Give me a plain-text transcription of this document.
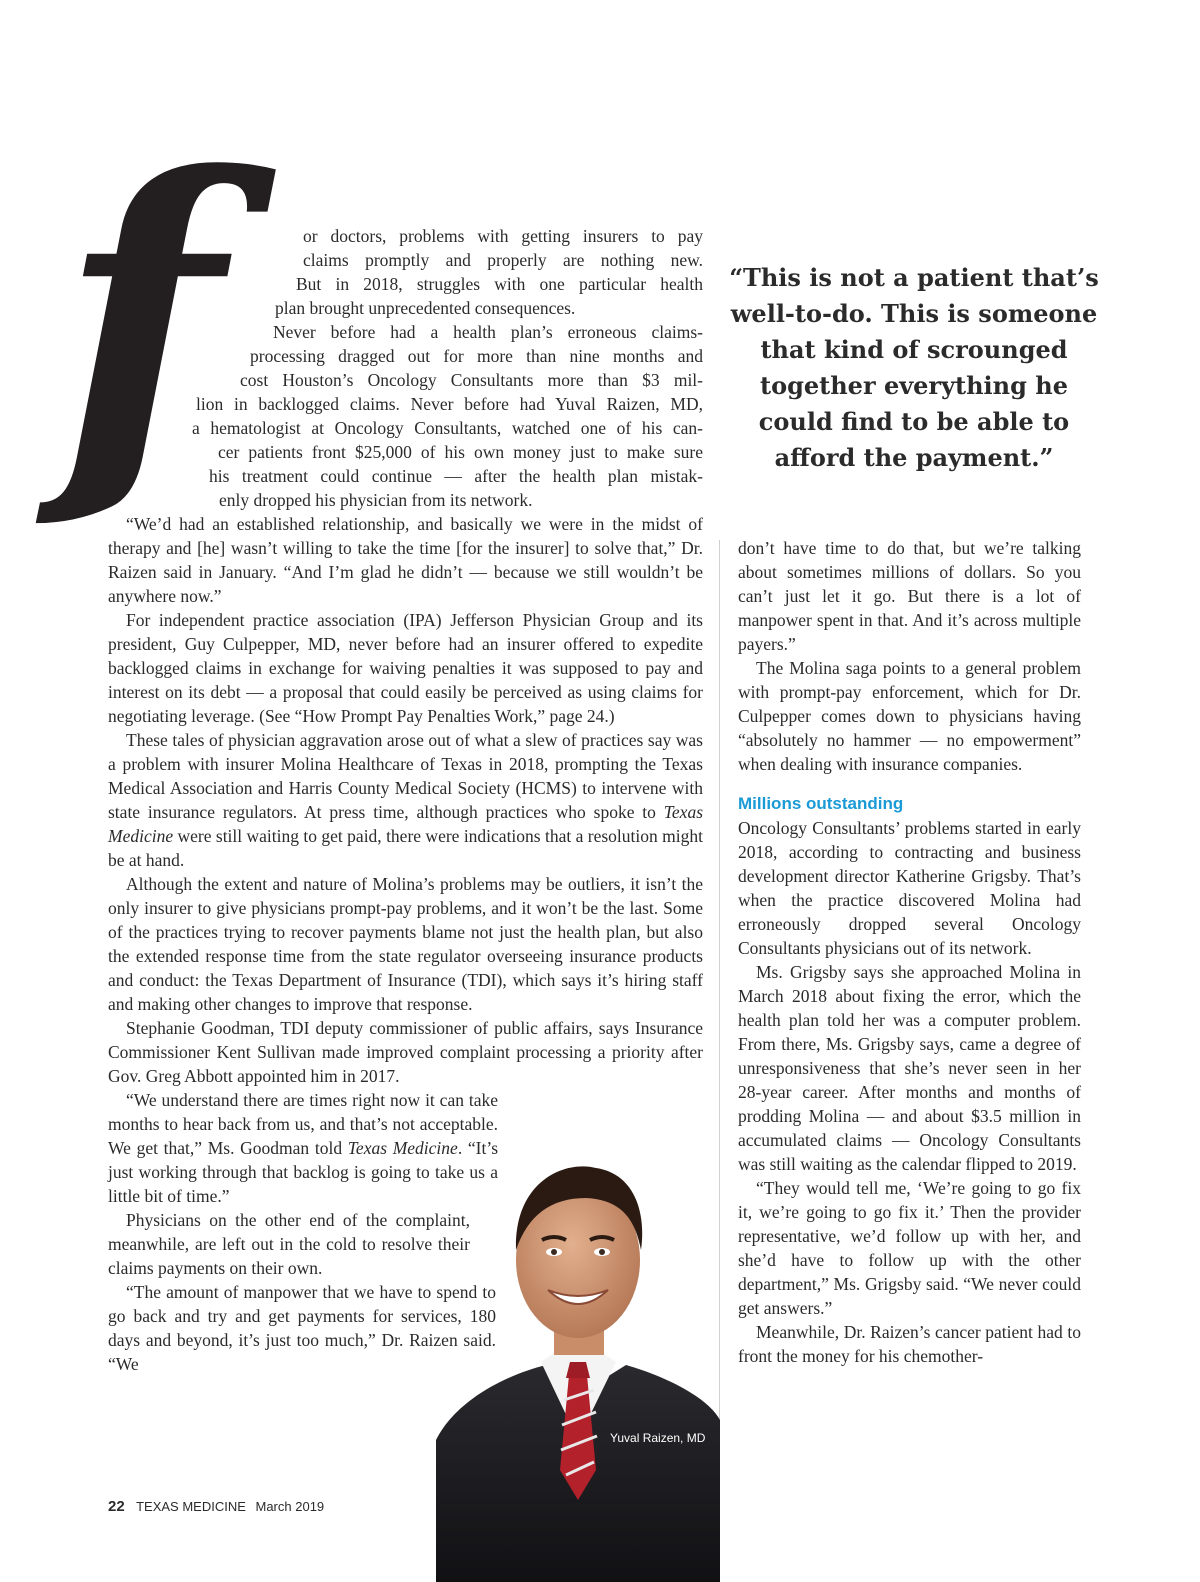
f	or doctors, problems with getting insurers to pay
claims promptly and properly are nothing new.
But in 2018, struggles with one particular health
plan brought unprecedented consequences.
Never before had a health plan’s erroneous claims-
processing dragged out for more than nine months and
cost Houston’s Oncology Consultants more than $3 mil-
lion in backlogged claims. Never before had Yuval Raizen, MD,
a hematologist at Oncology Consultants, watched one of his can-
cer patients front $25,000 of his own money just to make sure
his treatment could continue — after the health plan mistak-
enly dropped his physician from its network.

“We’d had an established relationship, and basically we were in the midst of therapy and [he] wasn’t willing to take the time [for the insurer] to solve that,” Dr. Raizen said in January. “And I’m glad he didn’t — because we still wouldn’t be anywhere now.”

For independent practice association (IPA) Jefferson Physician Group and its president, Guy Culpepper, MD, never before had an insurer offered to expedite backlogged claims in exchange for waiving penalties it was supposed to pay and interest on its debt — a proposal that could easily be perceived as using claims for negotiating leverage. (See “How Prompt Pay Penalties Work,” page 24.)

These tales of physician aggravation arose out of what a slew of practices say was a problem with insurer Molina Healthcare of Texas in 2018, prompting the Texas Medical Association and Harris County Medical Society (HCMS) to intervene with state insurance regulators. At press time, although practices who spoke to Texas Medicine were still waiting to get paid, there were indications that a resolution might be at hand.

Although the extent and nature of Molina’s problems may be outliers, it isn’t the only insurer to give physicians prompt-pay problems, and it won’t be the last. Some of the practices trying to recover payments blame not just the health plan, but also the extended response time from the state regulator overseeing insurance products and conduct: the Texas Department of Insurance (TDI), which says it’s hiring staff and making other changes to improve that response.

Stephanie Goodman, TDI deputy commissioner of public affairs, says Insurance Commissioner Kent Sullivan made improved complaint processing a priority after Gov. Greg Abbott appointed him in 2017.

“We understand there are times right now it can take months to hear back from us, and that’s not acceptable. We get that,” Ms. Goodman told Texas Medicine. “It’s just working through that backlog is going to take us a little bit of time.”

Physicians on the other end of the complaint, meanwhile, are left out in the cold to resolve their claims payments on their own.

“The amount of manpower that we have to spend to go back and try and get payments for services, 180 days and beyond, it’s just too much,” Dr. Raizen said. “We

“This is not a patient that’s well-to-do. This is someone that kind of scrounged together everything he could find to be able to afford the payment.”

don’t have time to do that, but we’re talking about sometimes millions of dollars. So you can’t just let it go. But there is a lot of manpower spent in that. And it’s across multiple payers.”

The Molina saga points to a general problem with prompt-pay enforcement, which for Dr. Culpepper comes down to physicians having “absolutely no hammer — no empowerment” when dealing with insurance companies.

Millions outstanding

Oncology Consultants’ problems started in early 2018, according to contracting and business development director Katherine Grigsby. That’s when the practice discovered Molina had erroneously dropped several Oncology Consultants physicians out of its network.

Ms. Grigsby says she approached Molina in March 2018 about fixing the error, which the health plan told her was a computer problem. From there, Ms. Grigsby says, came a degree of unresponsiveness that she’s never seen in her 28-year career. After months and months of prodding Molina — and about $3.5 million in accumulated claims — Oncology Consultants was still waiting as the calendar flipped to 2019.

“They would tell me, ‘We’re going to go fix it, we’re going to go fix it.’ Then the provider representative, we’d follow up with her, and she’d have to follow up with the other department,” Ms. Grigsby said. “We never could get answers.”

Meanwhile, Dr. Raizen’s cancer patient had to front the money for his chemother-

Yuval Raizen, MD
22 TEXAS MEDICINE March 2019
